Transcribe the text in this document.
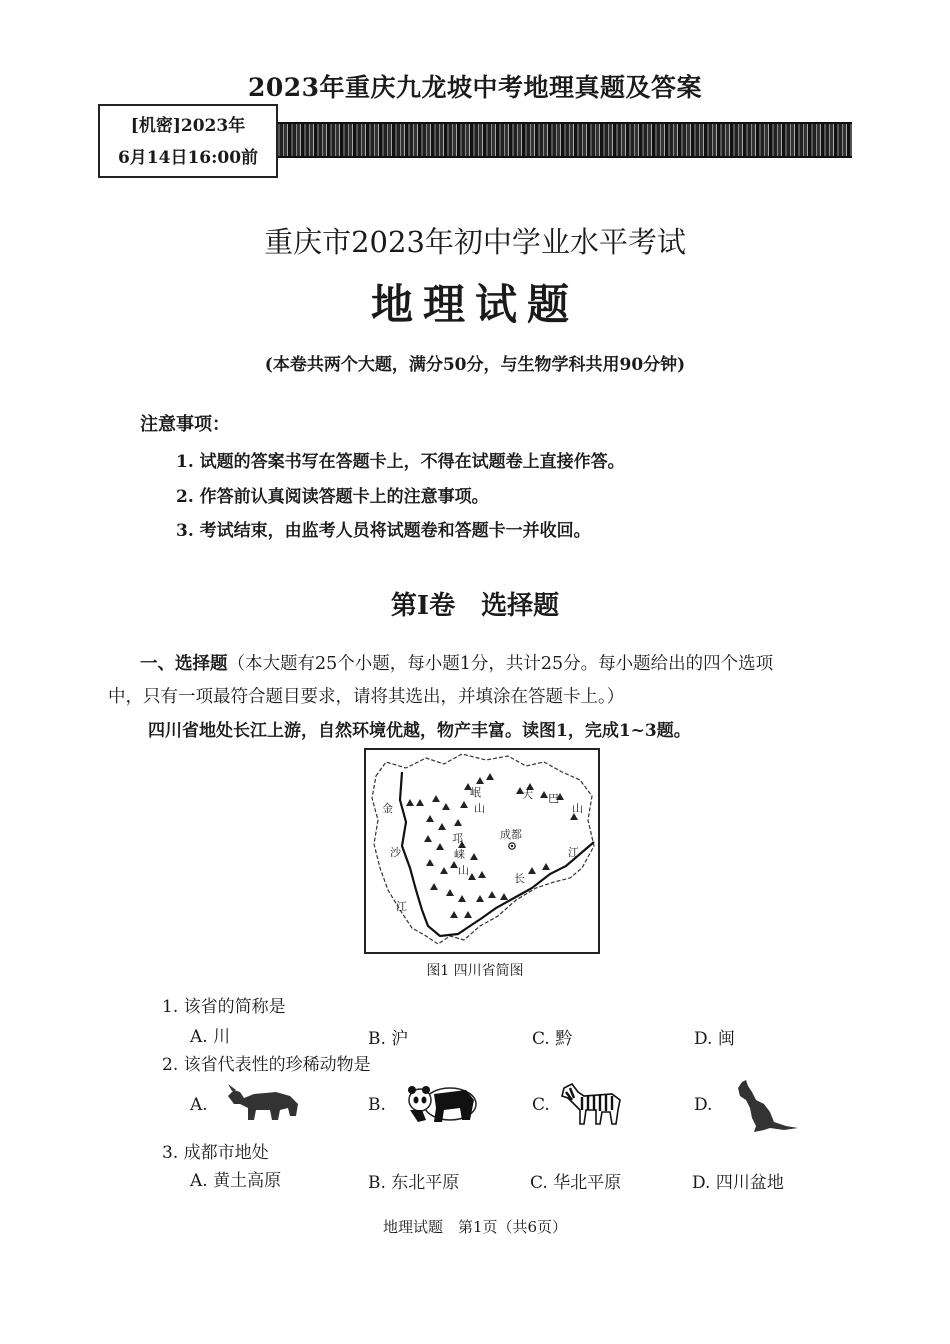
2023年重庆九龙坡中考地理真题及答案
[机密]2023年
6月14日16:00前
重庆市2023年初中学业水平考试
地理试题
(本卷共两个大题，满分50分，与生物学科共用90分钟)
注意事项：
1. 试题的答案书写在答题卡上，不得在试题卷上直接作答。
2. 作答前认真阅读答题卡上的注意事项。
3. 考试结束，由监考人员将试题卷和答题卡一并收回。
第I卷　选择题
一、选择题（本大题有25个小题，每小题1分，共计25分。每小题给出的四个选项
中，只有一项最符合题目要求，请将其选出，并填涂在答题卡上。）
四川省地处长江上游，自然环境优越，物产丰富。读图1，完成1~3题。
金
沙
江
岷
山
邛
崃
山
大 巴
山
成都
长
江
图1 四川省简图
1. 该省的简称是
A. 川	B. 沪	C. 黔	D. 闽
2. 该省代表性的珍稀动物是
A.	B.	C.	D.
3. 成都市地处
A. 黄土高原	B. 东北平原	C. 华北平原	D. 四川盆地
地理试题　第1页（共6页）
